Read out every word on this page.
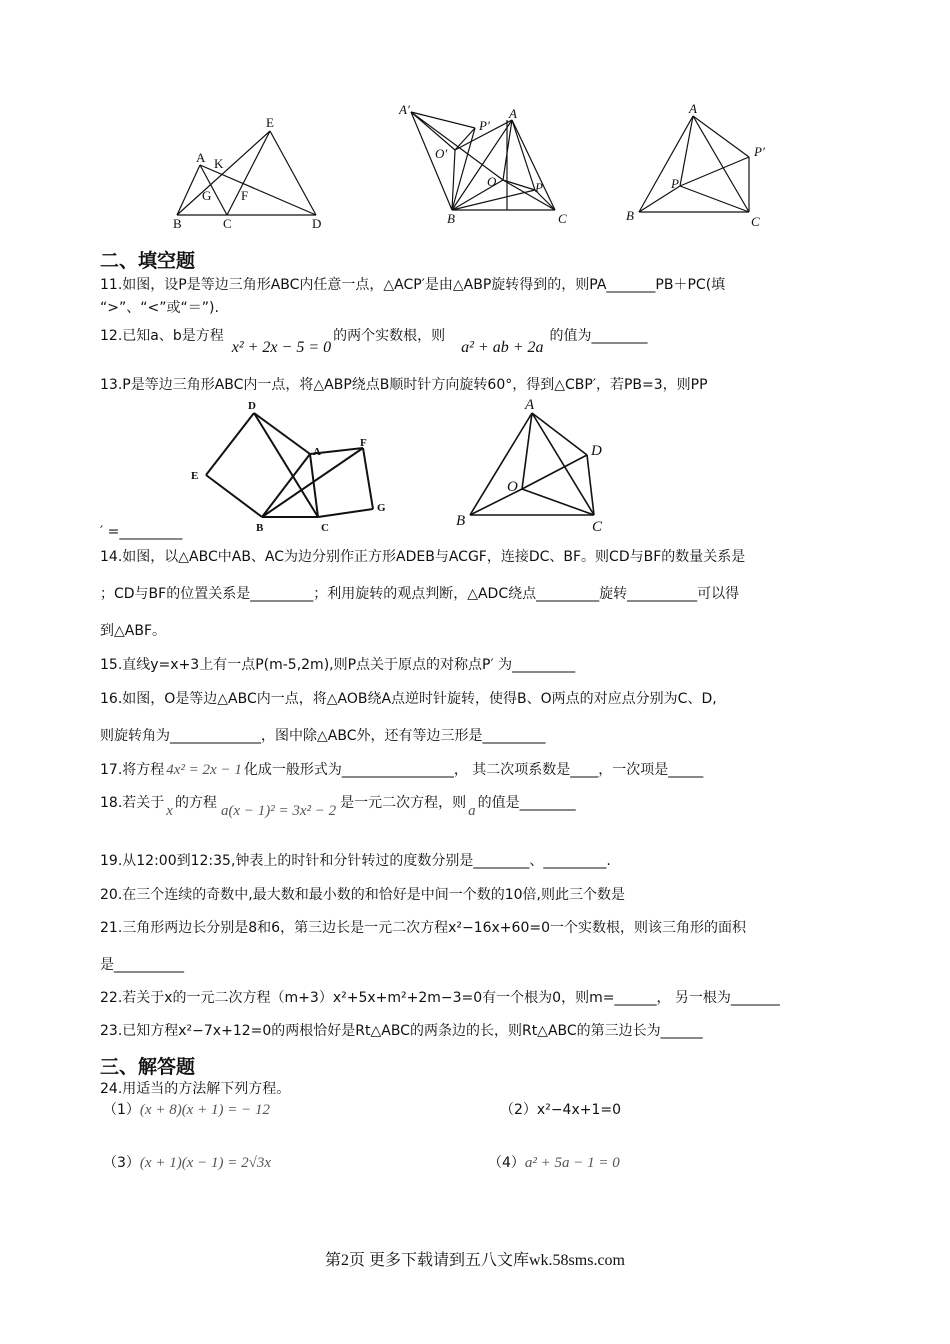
E
A K
G F
B	C	D
A′
P′
A
O′
O	P
B	C
A
P′
P
B	C
二、填空题
11.如图，设P是等边三角形ABC内任意一点，△ACP′是由△ABP旋转得到的，则PA_______PB＋PC(填
“>”、“<”或“＝”).
12.已知a、b是方程x² + 2x − 5 = 0的两个实数根，则a² + ab + 2a的值为________
13.P是等边三角形ABC内一点，将△ABP绕点B顺时针方向旋转60°，得到△CBP′，若PB=3，则PP
D
E
A
F
G
B	C
A
D
O
B	C
′ =_________
14.如图，以△ABC中AB、AC为边分别作正方形ADEB与ACGF，连接DC、BF。则CD与BF的数量关系是
；CD与BF的位置关系是_________；利用旋转的观点判断，△ADC绕点_________旋转__________可以得
到△ABF。
15.直线y=x+3上有一点P(m-5,2m),则P点关于原点的对称点P′ 为_________
16.如图，O是等边△ABC内一点，将△AOB绕A点逆时针旋转，使得B、O两点的对应点分别为C、D,
则旋转角为_____________，图中除△ABC外，还有等边三形是_________
17.将方程 4x² = 2x − 1 化成一般形式为________________， 其二次项系数是____，一次项是_____
18.若关于 x 的方程 a(x − 1)² = 3x² − 2 是一元二次方程，则 a 的值是________
19.从12:00到12:35,钟表上的时针和分针转过的度数分别是________、_________.
20.在三个连续的奇数中,最大数和最小数的和恰好是中间一个数的10倍,则此三个数是
21.三角形两边长分别是8和6，第三边长是一元二次方程x²−16x+60=0一个实数根，则该三角形的面积
是__________
22.若关于x的一元二次方程（m+3）x²+5x+m²+2m−3=0有一个根为0，则m=______， 另一根为_______
23.已知方程x²−7x+12=0的两根恰好是Rt△ABC的两条边的长，则Rt△ABC的第三边长为______
三、解答题
24.用适当的方法解下列方程。
（1）(x + 8)(x + 1) = − 12	（2）x²−4x+1=0
（3）(x + 1)(x − 1) = 2√3x	（4）a² + 5a − 1 = 0
第2页 更多下载请到五八文库wk.58sms.com
